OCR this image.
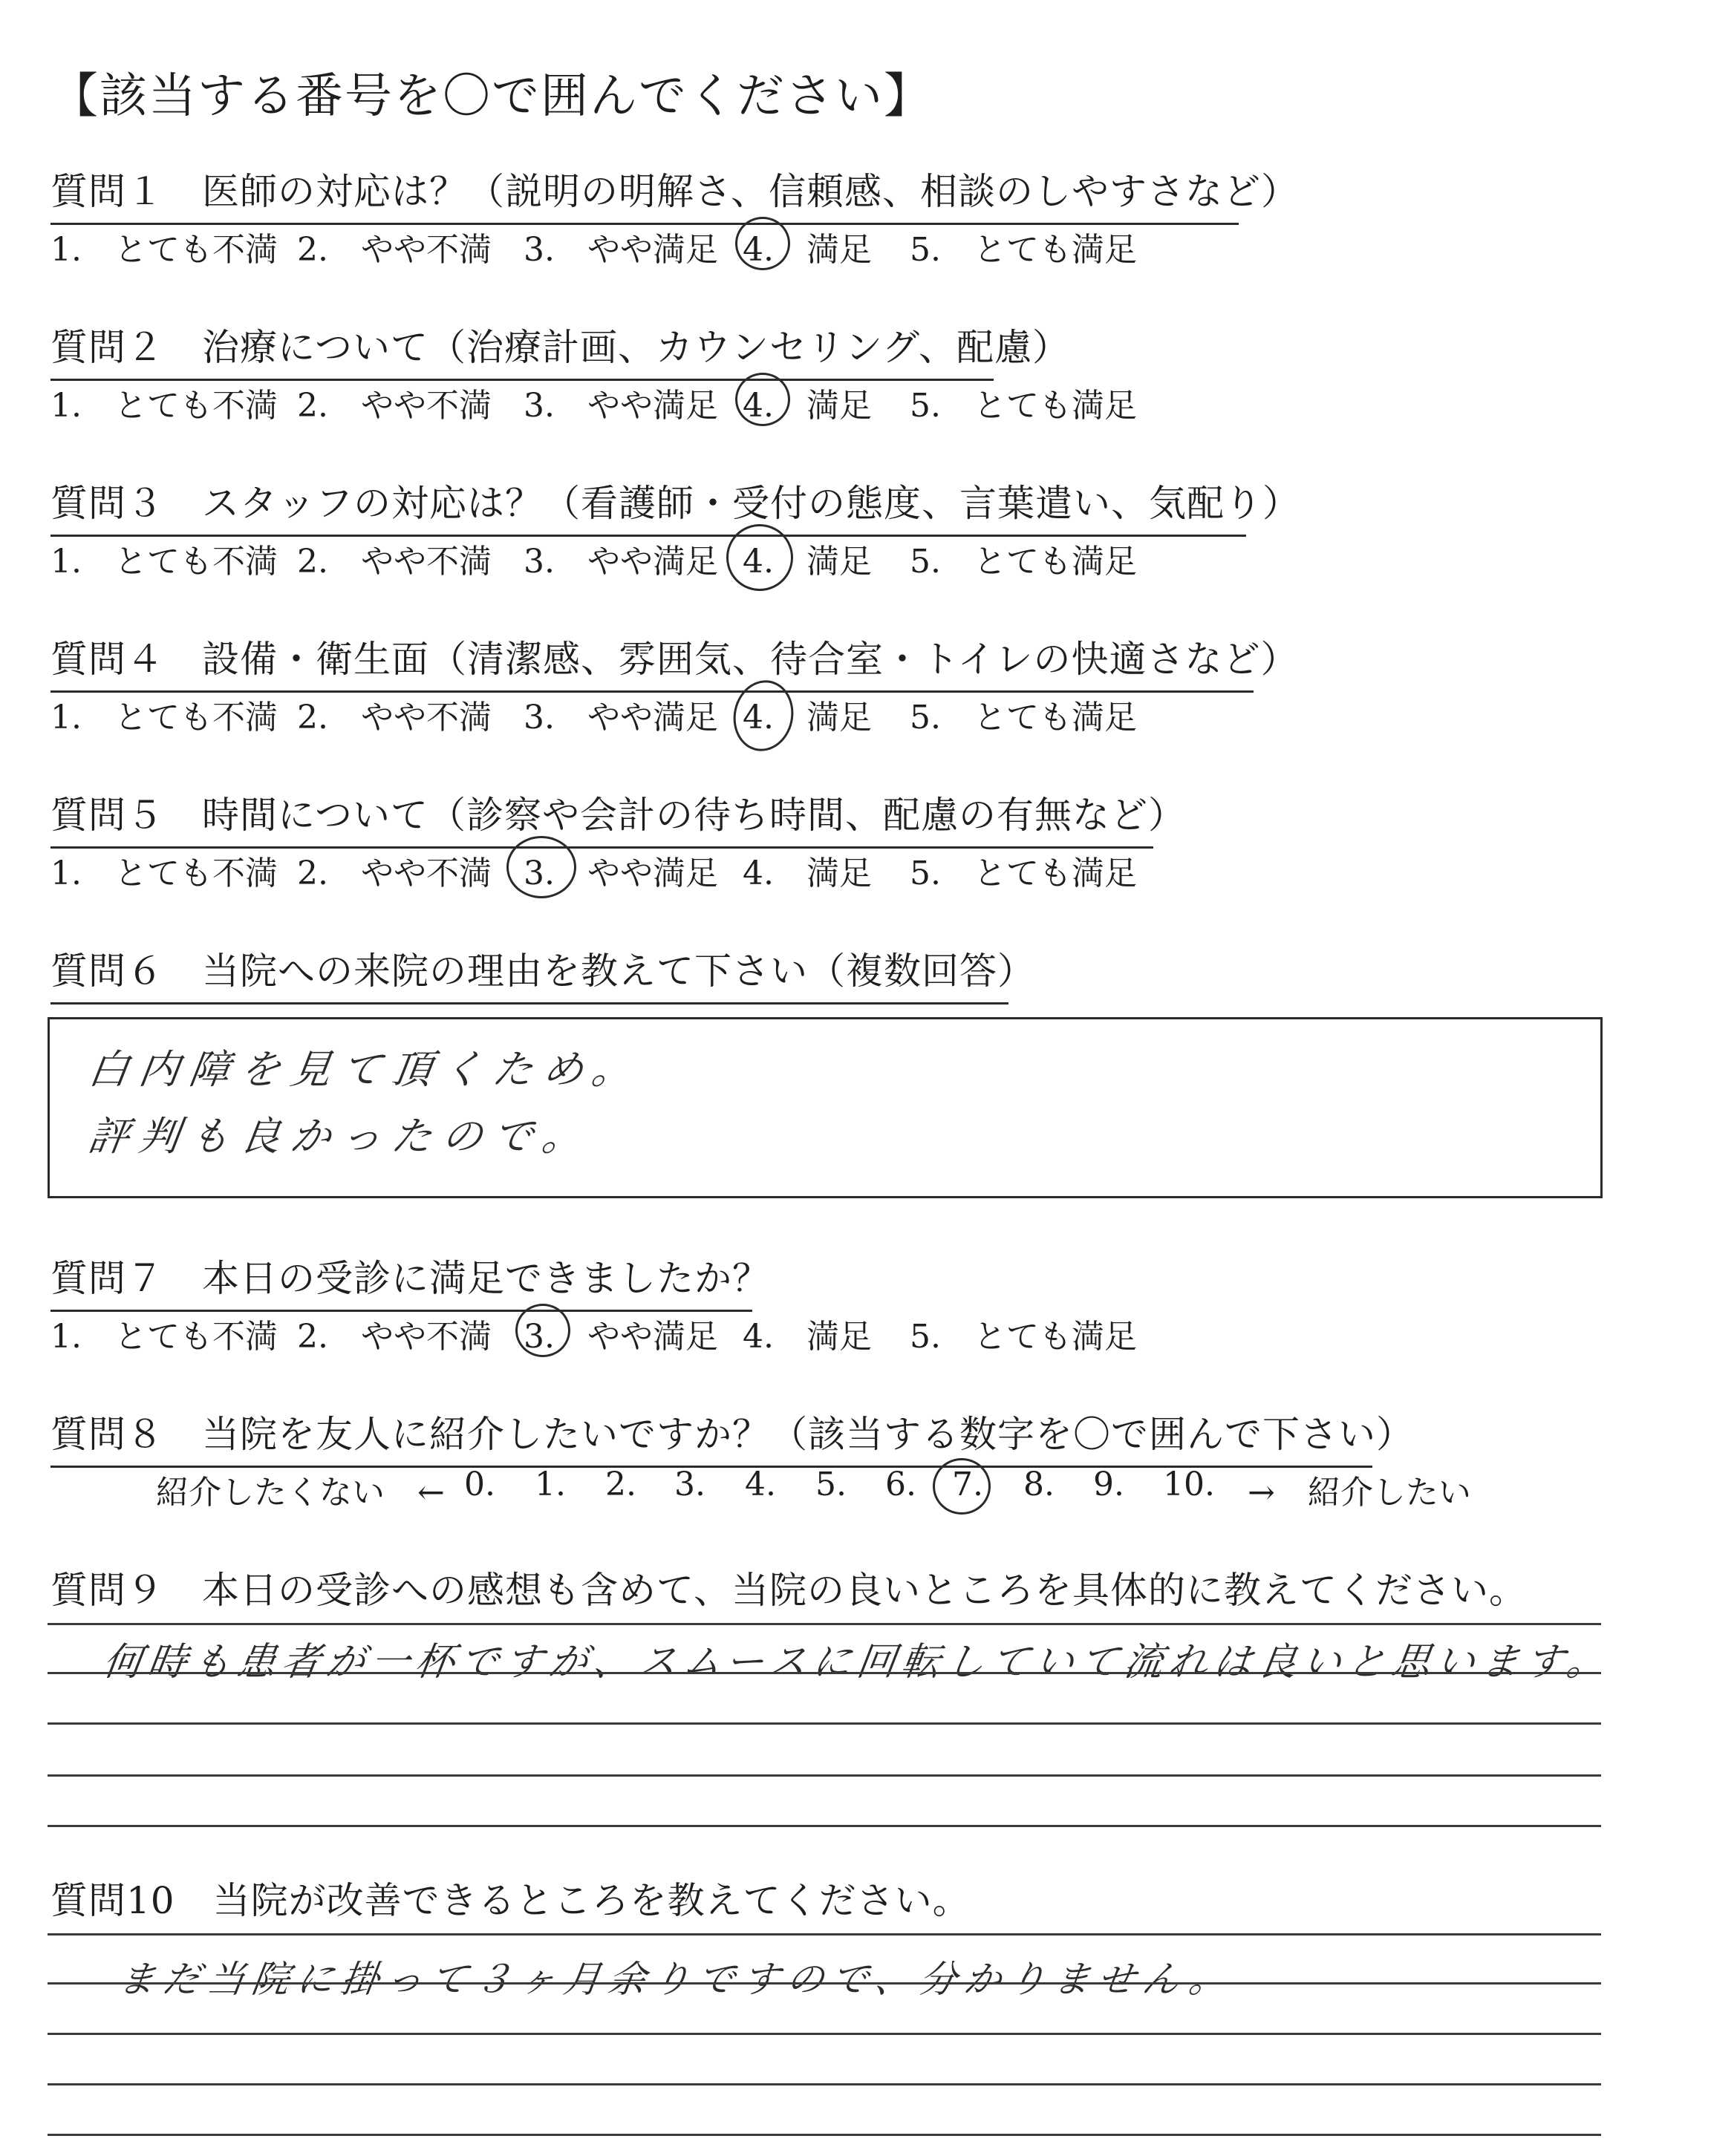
【該当する番号を〇で囲んでください】
質問１　医師の対応は？（説明の明解さ、信頼感、相談のしやすさなど）
1.　とても不満 2.　やや不満 3.　やや満足 4.　満足 5.　とても満足
質問２　治療について（治療計画、カウンセリング、配慮）
1.　とても不満 2.　やや不満 3.　やや満足 4.　満足 5.　とても満足
質問３　スタッフの対応は？（看護師・受付の態度、言葉遣い、気配り）
1.　とても不満 2.　やや不満 3.　やや満足 4.　満足 5.　とても満足
質問４　設備・衛生面（清潔感、雰囲気、待合室・トイレの快適さなど）
1.　とても不満 2.　やや不満 3.　やや満足 4.　満足 5.　とても満足
質問５　時間について（診察や会計の待ち時間、配慮の有無など）
1.　とても不満 2.　やや不満 3.　やや満足 4.　満足 5.　とても満足
質問６　当院への来院の理由を教えて下さい（複数回答）
白内障を見て頂くため。
評判も良かったので。
質問７　本日の受診に満足できましたか？
1.　とても不満 2.　やや不満 3.　やや満足 4.　満足 5.　とても満足
質問８　当院を友人に紹介したいですか？（該当する数字を〇で囲んで下さい）
紹介したくない　← 0. 1. 2. 3. 4. 5. 6. 7. 8. 9. 10. →　紹介したい
質問９　本日の受診への感想も含めて、当院の良いところを具体的に教えてください。
何時も患者が一杯ですが、スムースに回転していて流れは良いと思います。
質問10　当院が改善できるところを教えてください。
まだ当院に掛って３ヶ月余りですので、分かりません。
